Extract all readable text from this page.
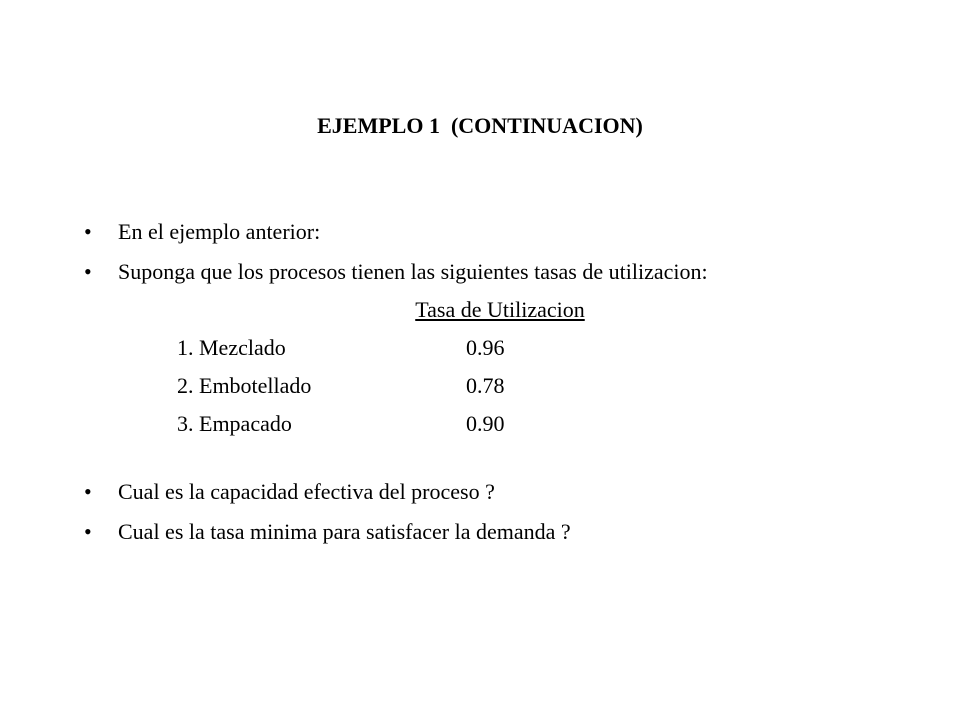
EJEMPLO 1  (CONTINUACION)
• En el ejemplo anterior:
• Suponga que los procesos tienen las siguientes tasas de utilizacion:
Tasa de Utilizacion
1. Mezclado	0.96
2. Embotellado	0.78
3. Empacado	0.90
• Cual es la capacidad efectiva del proceso ?
• Cual es la tasa minima para satisfacer la demanda ?
